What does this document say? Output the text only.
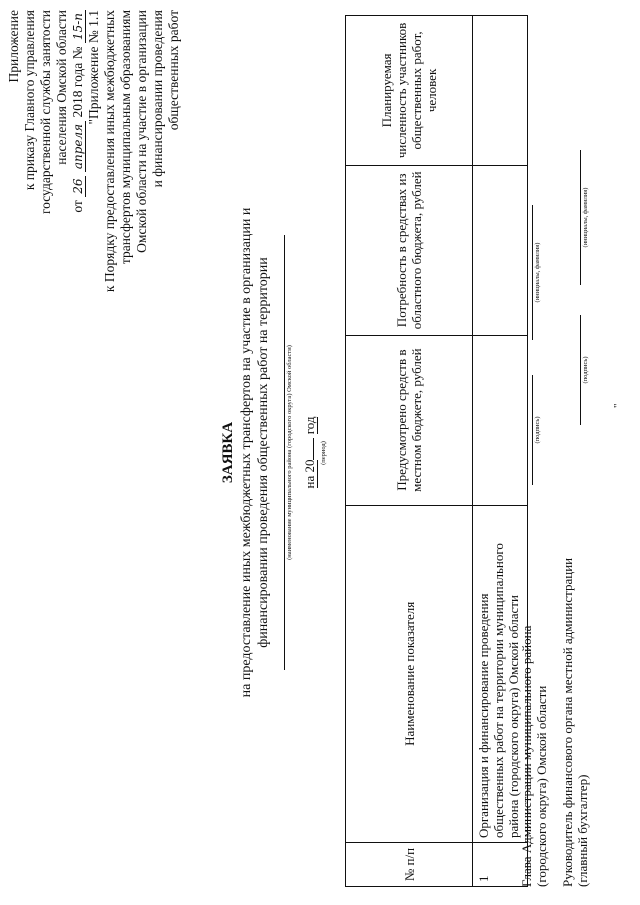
Приложение к приказу Главного управления государственной службы занятости населения Омской области
от 26 апреля 2018 года № 15-п "Приложение № 1.1 к Порядку предоставления иных межбюджетных трансфертов муниципальным образованиям Омской области на участие в организации и финансировании проведения общественных работ
ЗАЯВКА на предоставление иных межбюджетных трансфертов на участие в организации и финансировании проведения общественных работ на территории (наименование муниципального района (городского округа) Омской области) на 20 год
(период)
№ п/п	Наименование показателя	Предусмотрено средств в местном бюджете, рублей	Потребность в средствах из областного бюджета, рублей	Планируемая численность участников общественных работ, человек
1	Организация и финансирование проведения общественных работ на территории муниципального района (городского округа) Омской области			
Глава Администрации муниципального района (городского округа) Омской области
(подпись)
(инициалы, фамилия)
Руководитель финансового органа местной администрации (главный бухгалтер)
(подпись)
(инициалы, фамилия)
"
